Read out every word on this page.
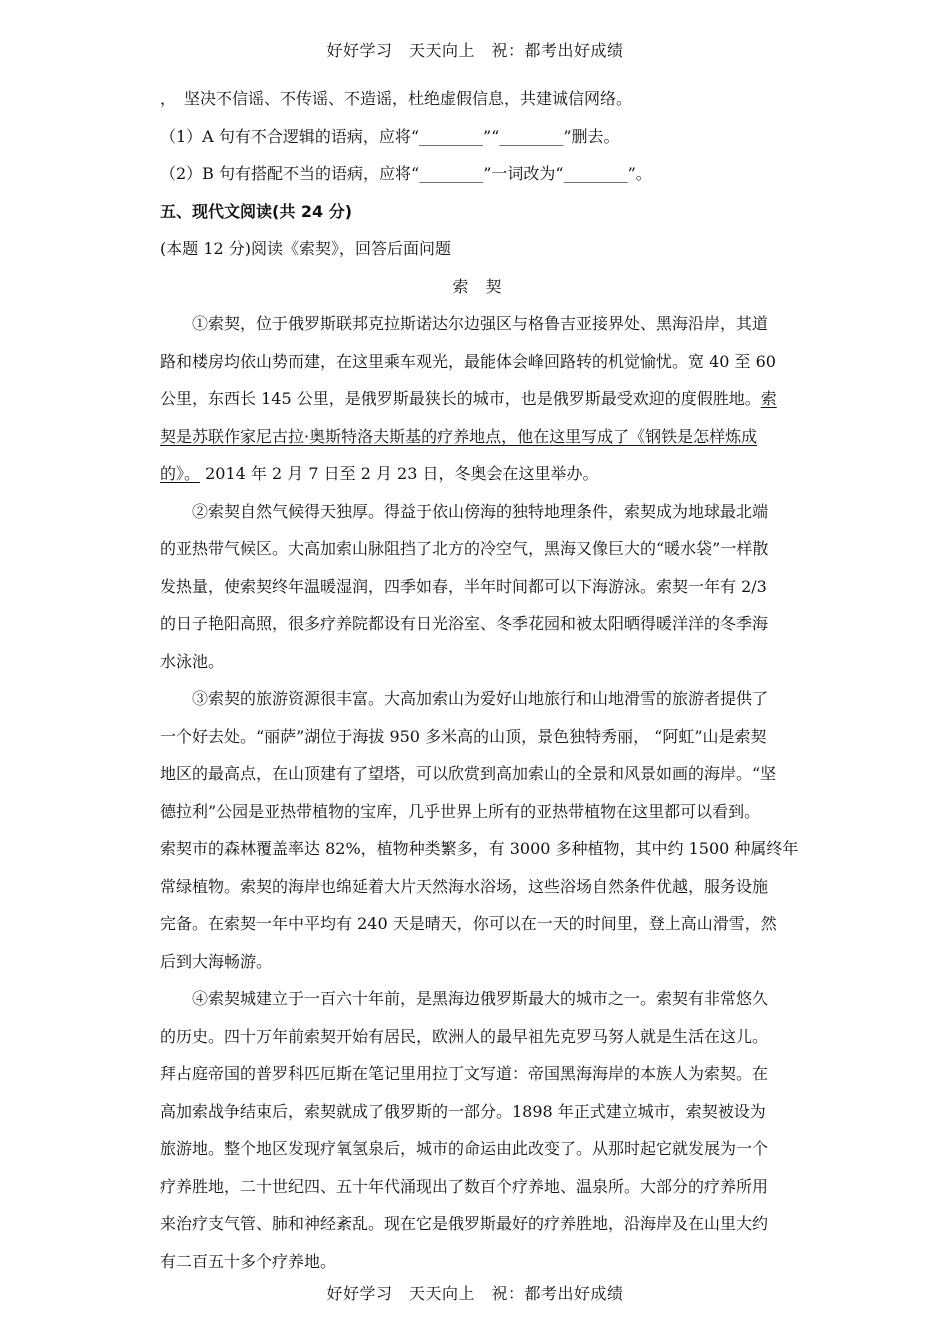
好好学习　天天向上　祝：都考出好成绩
，　坚决不信谣、不传谣、不造谣，杜绝虚假信息，共建诚信网络。
（1）A 句有不合逻辑的语病，应将“________”“________”删去。
（2）B 句有搭配不当的语病，应将“________”一词改为“________”。
五、现代文阅读(共 24 分)
(本题 12 分)阅读《索契》，回答后面问题
索 契
①索契，位于俄罗斯联邦克拉斯诺达尔边强区与格鲁吉亚接界处、黑海沿岸，其道
路和楼房均依山势而建，在这里乘车观光，最能体会峰回路转的机觉愉忧。宽 40 至 60
公里，东西长 145 公里，是俄罗斯最狭长的城市，也是俄罗斯最受欢迎的度假胜地。索
契是苏联作家尼古拉·奥斯特洛夫斯基的疗养地点，他在这里写成了《钢铁是怎样炼成
的》。 2014 年 2 月 7 日至 2 月 23 日，冬奥会在这里举办。
②索契自然气候得天独厚。得益于依山傍海的独特地理条件，索契成为地球最北端
的亚热带气候区。大高加索山脉阻挡了北方的冷空气，黑海又像巨大的“暖水袋”一样散
发热量，使索契终年温暖湿润，四季如春，半年时间都可以下海游泳。索契一年有 2/3
的日子艳阳高照，很多疗养院都设有日光浴室、冬季花园和被太阳晒得暖洋洋的冬季海
水泳池。
③索契的旅游资源很丰富。大高加索山为爱好山地旅行和山地滑雪的旅游者提供了
一个好去处。“丽萨”湖位于海拔 950 多米高的山顶，景色独特秀丽， “阿虹”山是索契
地区的最高点，在山顶建有了望塔，可以欣赏到高加索山的全景和风景如画的海岸。“坚
德拉利”公园是亚热带植物的宝库，几乎世界上所有的亚热带植物在这里都可以看到。
索契市的森林覆盖率达 82%，植物种类繁多，有 3000 多种植物，其中约 1500 种属终年
常绿植物。索契的海岸也绵延着大片天然海水浴场，这些浴场自然条件优越，服务设施
完备。在索契一年中平均有 240 天是晴天，你可以在一天的时间里，登上高山滑雪，然
后到大海畅游。
④索契城建立于一百六十年前，是黑海边俄罗斯最大的城市之一。索契有非常悠久
的历史。四十万年前索契开始有居民，欧洲人的最早祖先克罗马努人就是生活在这儿。
拜占庭帝国的普罗科匹厄斯在笔记里用拉丁文写道：帝国黑海海岸的本族人为索契。在
高加索战争结束后，索契就成了俄罗斯的一部分。1898 年正式建立城市，索契被设为
旅游地。整个地区发现疗氧氢泉后，城市的命运由此改变了。从那时起它就发展为一个
疗养胜地，二十世纪四、五十年代涌现出了数百个疗养地、温泉所。大部分的疗养所用
来治疗支气管、肺和神经紊乱。现在它是俄罗斯最好的疗养胜地，沿海岸及在山里大约
有二百五十多个疗养地。
好好学习　天天向上　祝：都考出好成绩
